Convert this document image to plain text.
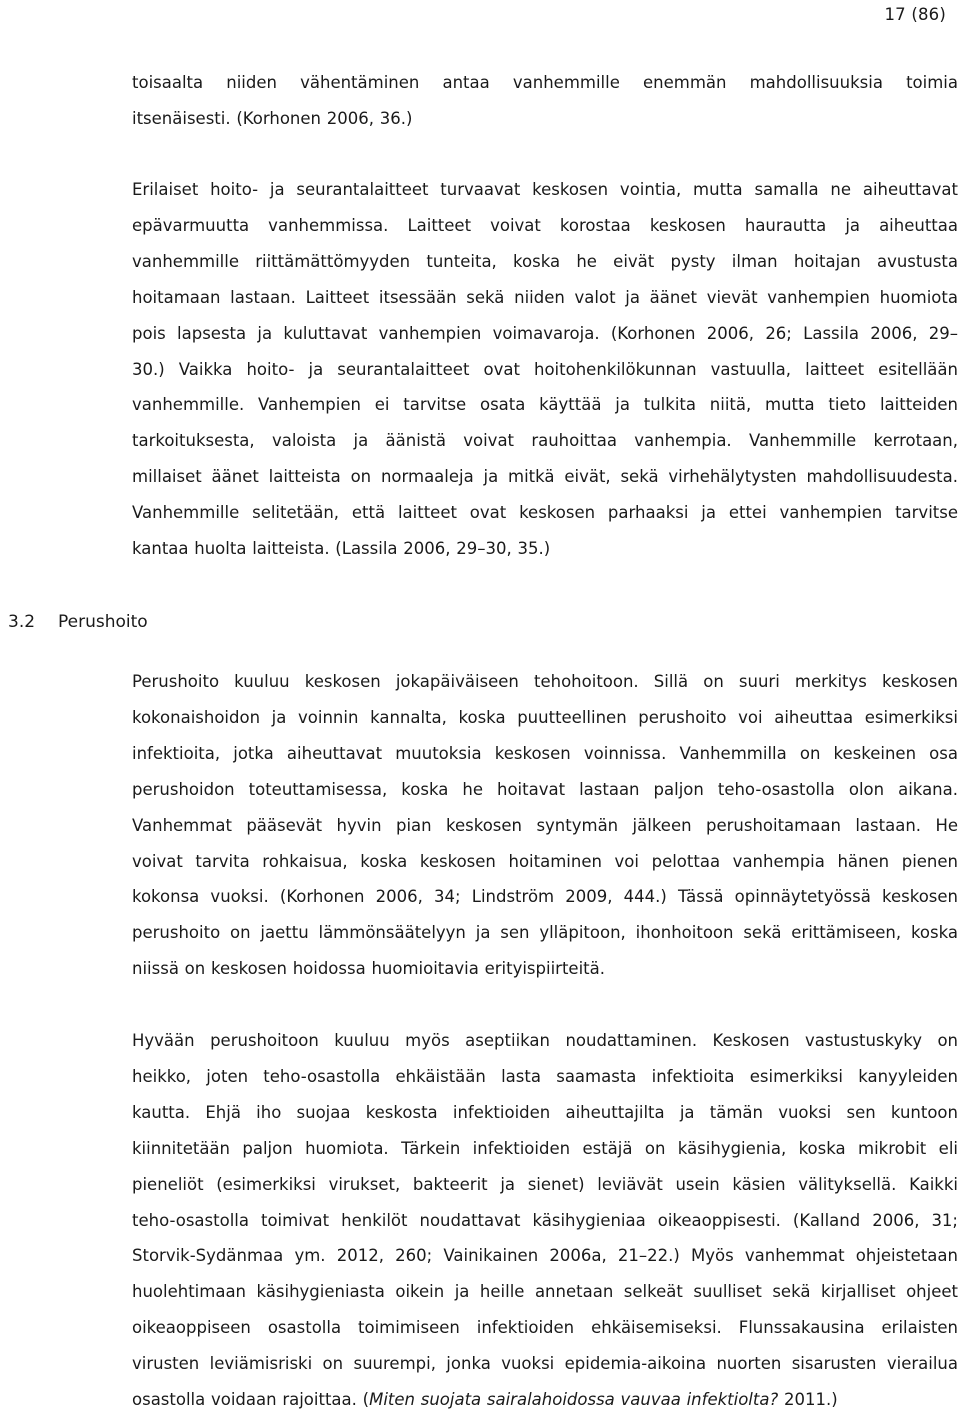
17 (86)
toisaalta niiden vähentäminen antaa vanhemmille enemmän mahdollisuuksia toimia
itsenäisesti. (Korhonen 2006, 36.)
Erilaiset hoito- ja seurantalaitteet turvaavat keskosen vointia, mutta samalla ne aiheuttavat
epävarmuutta vanhemmissa. Laitteet voivat korostaa keskosen haurautta ja aiheuttaa
vanhemmille riittämättömyyden tunteita, koska he eivät pysty ilman hoitajan avustusta
hoitamaan lastaan. Laitteet itsessään sekä niiden valot ja äänet vievät vanhempien huomiota
pois lapsesta ja kuluttavat vanhempien voimavaroja. (Korhonen 2006, 26; Lassila 2006, 29–
30.) Vaikka hoito- ja seurantalaitteet ovat hoitohenkilökunnan vastuulla, laitteet esitellään
vanhemmille. Vanhempien ei tarvitse osata käyttää ja tulkita niitä, mutta tieto laitteiden
tarkoituksesta, valoista ja äänistä voivat rauhoittaa vanhempia. Vanhemmille kerrotaan,
millaiset äänet laitteista on normaaleja ja mitkä eivät, sekä virhehälytysten mahdollisuudesta.
Vanhemmille selitetään, että laitteet ovat keskosen parhaaksi ja ettei vanhempien tarvitse
kantaa huolta laitteista. (Lassila 2006, 29–30, 35.)
3.2 Perushoito
Perushoito kuuluu keskosen jokapäiväiseen tehohoitoon. Sillä on suuri merkitys keskosen
kokonaishoidon ja voinnin kannalta, koska puutteellinen perushoito voi aiheuttaa esimerkiksi
infektioita, jotka aiheuttavat muutoksia keskosen voinnissa. Vanhemmilla on keskeinen osa
perushoidon toteuttamisessa, koska he hoitavat lastaan paljon teho-osastolla olon aikana.
Vanhemmat pääsevät hyvin pian keskosen syntymän jälkeen perushoitamaan lastaan. He
voivat tarvita rohkaisua, koska keskosen hoitaminen voi pelottaa vanhempia hänen pienen
kokonsa vuoksi. (Korhonen 2006, 34; Lindström 2009, 444.) Tässä opinnäytetyössä keskosen
perushoito on jaettu lämmönsäätelyyn ja sen ylläpitoon, ihonhoitoon sekä erittämiseen, koska
niissä on keskosen hoidossa huomioitavia erityispiirteitä.
Hyvään perushoitoon kuuluu myös aseptiikan noudattaminen. Keskosen vastustuskyky on
heikko, joten teho-osastolla ehkäistään lasta saamasta infektioita esimerkiksi kanyyleiden
kautta. Ehjä iho suojaa keskosta infektioiden aiheuttajilta ja tämän vuoksi sen kuntoon
kiinnitetään paljon huomiota. Tärkein infektioiden estäjä on käsihygienia, koska mikrobit eli
pieneliöt (esimerkiksi virukset, bakteerit ja sienet) leviävät usein käsien välityksellä. Kaikki
teho-osastolla toimivat henkilöt noudattavat käsihygieniaa oikeaoppisesti. (Kalland 2006, 31;
Storvik-Sydänmaa ym. 2012, 260; Vainikainen 2006a, 21–22.) Myös vanhemmat ohjeistetaan
huolehtimaan käsihygieniasta oikein ja heille annetaan selkeät suulliset sekä kirjalliset ohjeet
oikeaoppiseen osastolla toimimiseen infektioiden ehkäisemiseksi. Flunssakausina erilaisten
virusten leviämisriski on suurempi, jonka vuoksi epidemia-aikoina nuorten sisarusten vierailua
osastolla voidaan rajoittaa. (Miten suojata sairalahoidossa vauvaa infektiolta? 2011.)
